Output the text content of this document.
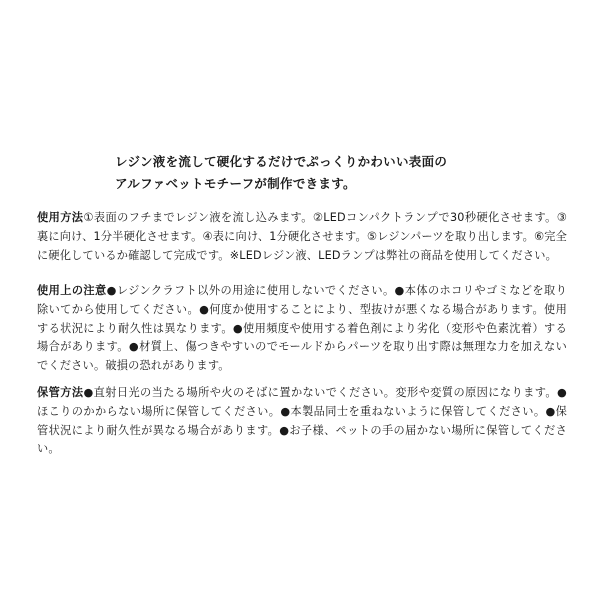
レジン液を流して硬化するだけでぷっくりかわいい表面の
アルファベットモチーフが制作できます。
使用方法①表面のフチまでレジン液を流し込みます。②LEDコンパクトランプで30秒硬化させます。③裏に向け、1分半硬化させます。④表に向け、1分硬化させます。⑤レジンパーツを取り出します。⑥完全に硬化しているか確認して完成です。※LEDレジン液、LEDランプは弊社の商品を使用してください。
使用上の注意●レジンクラフト以外の用途に使用しないでください。●本体のホコリやゴミなどを取り除いてから使用してください。●何度か使用することにより、型抜けが悪くなる場合があります。使用する状況により耐久性は異なります。●使用頻度や使用する着色剤により劣化（変形や色素沈着）する場合があります。●材質上、傷つきやすいのでモールドからパーツを取り出す際は無理な力を加えないでください。破損の恐れがあります。
保管方法●直射日光の当たる場所や火のそばに置かないでください。変形や変質の原因になります。●ほこりのかからない場所に保管してください。●本製品同士を重ねないように保管してください。●保管状況により耐久性が異なる場合があります。●お子様、ペットの手の届かない場所に保管してください。
